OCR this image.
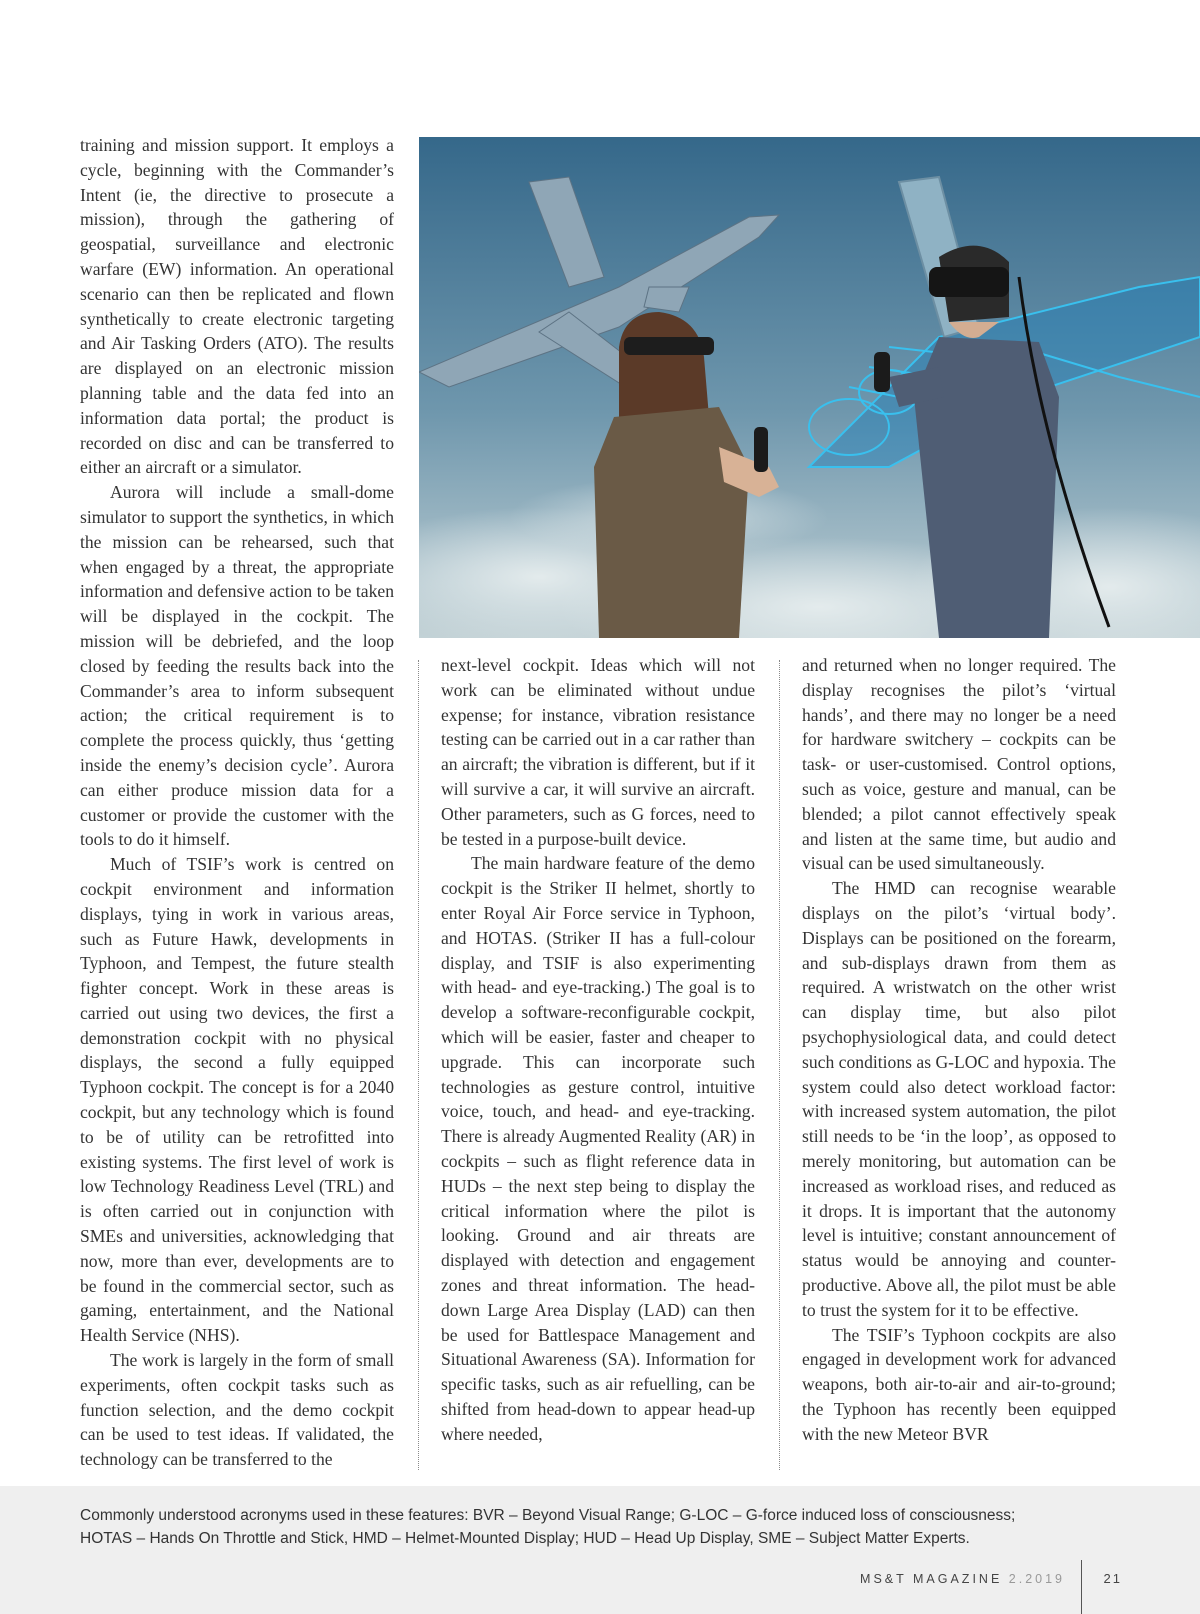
training and mission support. It employs a cycle, beginning with the Commander’s Intent (ie, the directive to prosecute a mission), through the gathering of geospatial, surveillance and electronic warfare (EW) information. An operational scenario can then be replicated and flown synthetically to create electronic targeting and Air Tasking Orders (ATO). The results are displayed on an electronic mission planning table and the data fed into an information data portal; the product is recorded on disc and can be transferred to either an aircraft or a simulator.

Aurora will include a small-dome simulator to support the synthetics, in which the mission can be rehearsed, such that when engaged by a threat, the appropriate information and defensive action to be taken will be displayed in the cockpit. The mission will be debriefed, and the loop closed by feeding the results back into the Commander’s area to inform subsequent action; the critical requirement is to complete the process quickly, thus ‘getting inside the enemy’s decision cycle’. Aurora can either produce mission data for a customer or provide the customer with the tools to do it himself.

Much of TSIF’s work is centred on cockpit environment and information displays, tying in work in various areas, such as Future Hawk, developments in Typhoon, and Tempest, the future stealth fighter concept. Work in these areas is carried out using two devices, the first a demonstration cockpit with no physical displays, the second a fully equipped Typhoon cockpit. The concept is for a 2040 cockpit, but any technology which is found to be of utility can be retrofitted into existing systems. The first level of work is low Technology Readiness Level (TRL) and is often carried out in conjunction with SMEs and universities, acknowledging that now, more than ever, developments are to be found in the commercial sector, such as gaming, entertainment, and the National Health Service (NHS).

The work is largely in the form of small experiments, often cockpit tasks such as function selection, and the demo cockpit can be used to test ideas. If validated, the technology can be transferred to the

next-level cockpit. Ideas which will not work can be eliminated without undue expense; for instance, vibration resistance testing can be carried out in a car rather than an aircraft; the vibration is different, but if it will survive a car, it will survive an aircraft. Other parameters, such as G forces, need to be tested in a purpose-built device.

The main hardware feature of the demo cockpit is the Striker II helmet, shortly to enter Royal Air Force service in Typhoon, and HOTAS. (Striker II has a full-colour display, and TSIF is also experimenting with head- and eye-tracking.) The goal is to develop a software-reconfigurable cockpit, which will be easier, faster and cheaper to upgrade. This can incorporate such technologies as gesture control, intuitive voice, touch, and head- and eye-tracking. There is already Augmented Reality (AR) in cockpits – such as flight reference data in HUDs – the next step being to display the critical information where the pilot is looking. Ground and air threats are displayed with detection and engagement zones and threat information. The head-down Large Area Display (LAD) can then be used for Battlespace Management and Situational Awareness (SA). Information for specific tasks, such as air refuelling, can be shifted from head-down to appear head-up where needed,

and returned when no longer required. The display recognises the pilot’s ‘virtual hands’, and there may no longer be a need for hardware switchery – cockpits can be task- or user-customised. Control options, such as voice, gesture and manual, can be blended; a pilot cannot effectively speak and listen at the same time, but audio and visual can be used simultaneously.

The HMD can recognise wearable displays on the pilot’s ‘virtual body’. Displays can be positioned on the forearm, and sub-displays drawn from them as required. A wristwatch on the other wrist can display time, but also pilot psychophysiological data, and could detect such conditions as G-LOC and hypoxia. The system could also detect workload factor: with increased system automation, the pilot still needs to be ‘in the loop’, as opposed to merely monitoring, but automation can be increased as workload rises, and reduced as it drops. It is important that the autonomy level is intuitive; constant announcement of status would be annoying and counter-productive. Above all, the pilot must be able to trust the system for it to be effective.

The TSIF’s Typhoon cockpits are also engaged in development work for advanced weapons, both air-to-air and air-to-ground; the Typhoon has recently been equipped with the new Meteor BVR

Commonly understood acronyms used in these features: BVR – Beyond Visual Range; G-LOC – G-force induced loss of consciousness;
HOTAS – Hands On Throttle and Stick, HMD – Helmet-Mounted Display; HUD – Head Up Display, SME – Subject Matter Experts.
MS&T MAGAZINE 2.2019	21
